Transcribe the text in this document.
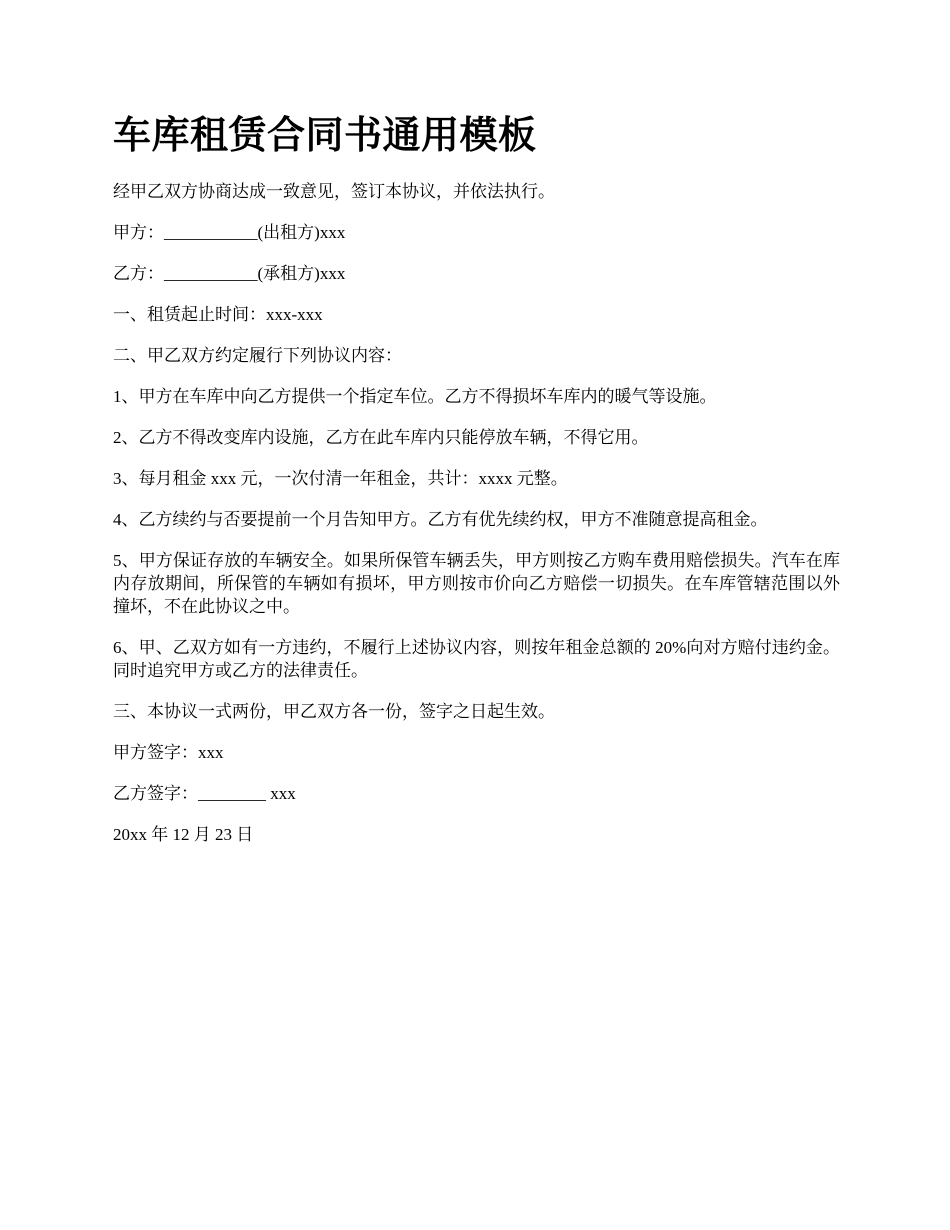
车库租赁合同书通用模板

经甲乙双方协商达成一致意见，签订本协议，并依法执行。

甲方：___________(出租方)xxx

乙方：___________(承租方)xxx

一、租赁起止时间：xxx-xxx

二、甲乙双方约定履行下列协议内容：

1、甲方在车库中向乙方提供一个指定车位。乙方不得损坏车库内的暖气等设施。

2、乙方不得改变库内设施，乙方在此车库内只能停放车辆，不得它用。

3、每月租金 xxx 元，一次付清一年租金，共计：xxxx 元整。

4、乙方续约与否要提前一个月告知甲方。乙方有优先续约权，甲方不准随意提高租金。

5、甲方保证存放的车辆安全。如果所保管车辆丢失，甲方则按乙方购车费用赔偿损失。汽车在库内存放期间，所保管的车辆如有损坏，甲方则按市价向乙方赔偿一切损失。在车库管辖范围以外撞坏，不在此协议之中。

6、甲、乙双方如有一方违约，不履行上述协议内容，则按年租金总额的 20%向对方赔付违约金。同时追究甲方或乙方的法律责任。

三、本协议一式两份，甲乙双方各一份，签字之日起生效。

甲方签字：xxx

乙方签字：________ xxx

20xx 年 12 月 23 日
